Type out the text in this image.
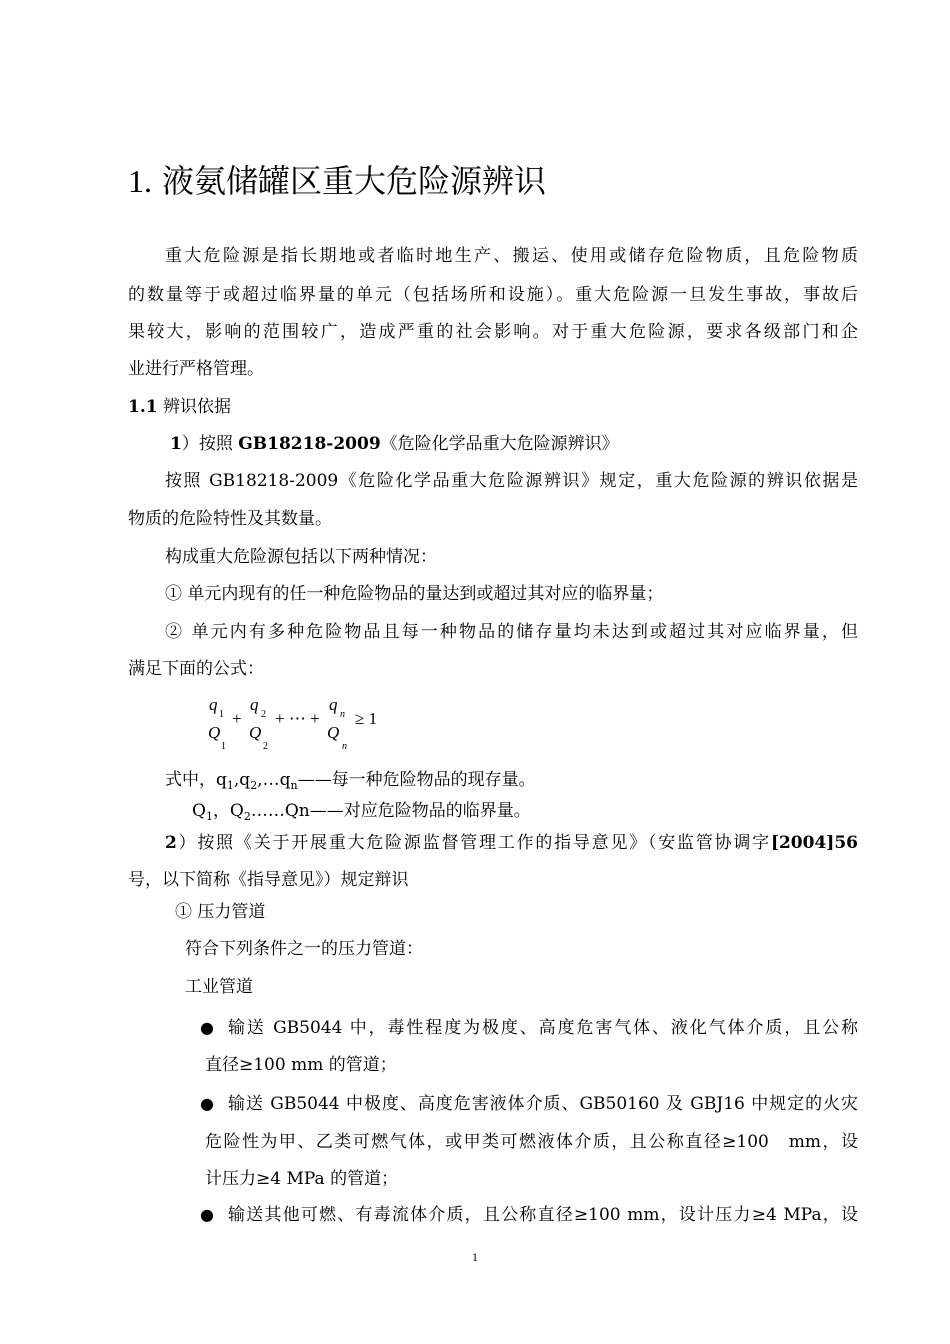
1. 液氨储罐区重大危险源辨识
重大危险源是指长期地或者临时地生产、搬运、使用或储存危险物质，且危险物质
的数量等于或超过临界量的单元（包括场所和设施）。重大危险源一旦发生事故，事故后
果较大，影响的范围较广，造成严重的社会影响。对于重大危险源，要求各级部门和企
业进行严格管理。
1.1 辨识依据
1）按照 GB18218-2009《危险化学品重大危险源辨识》
按照 GB18218-2009《危险化学品重大危险源辨识》规定，重大危险源的辨识依据是
物质的危险特性及其数量。
构成重大危险源包括以下两种情况：
① 单元内现有的任一种危险物品的量达到或超过其对应的临界量；
② 单元内有多种危险物品且每一种物品的储存量均未达到或超过其对应临界量，但
满足下面的公式：
q
1
Q
1
+
q
2
Q
2
+ ⋯ +
q
n
Q
n
≥ 1
式中，$q_1,q_2,\dots q_n——$每一种危险物品的现存量。
$Q_1$，$Q_2\dots\dots Qn——$对应危险物品的临界量。
2）按照《关于开展重大危险源监督管理工作的指导意见》（安监管协调字[2004]56
号，以下简称《指导意见》）规定辩识
① 压力管道
符合下列条件之一的压力管道：
工业管道
● 输送 GB5044 中，毒性程度为极度、高度危害气体、液化气体介质，且公称
直径≥100 mm 的管道；
● 输送 GB5044 中极度、高度危害液体介质、GB50160 及 GBJ16 中规定的火灾
危险性为甲、乙类可燃气体，或甲类可燃液体介质，且公称直径≥100　mm，设
计压力≥4 MPa 的管道；
● 输送其他可燃、有毒流体介质，且公称直径≥100 mm，设计压力≥4 MPa，设
1
